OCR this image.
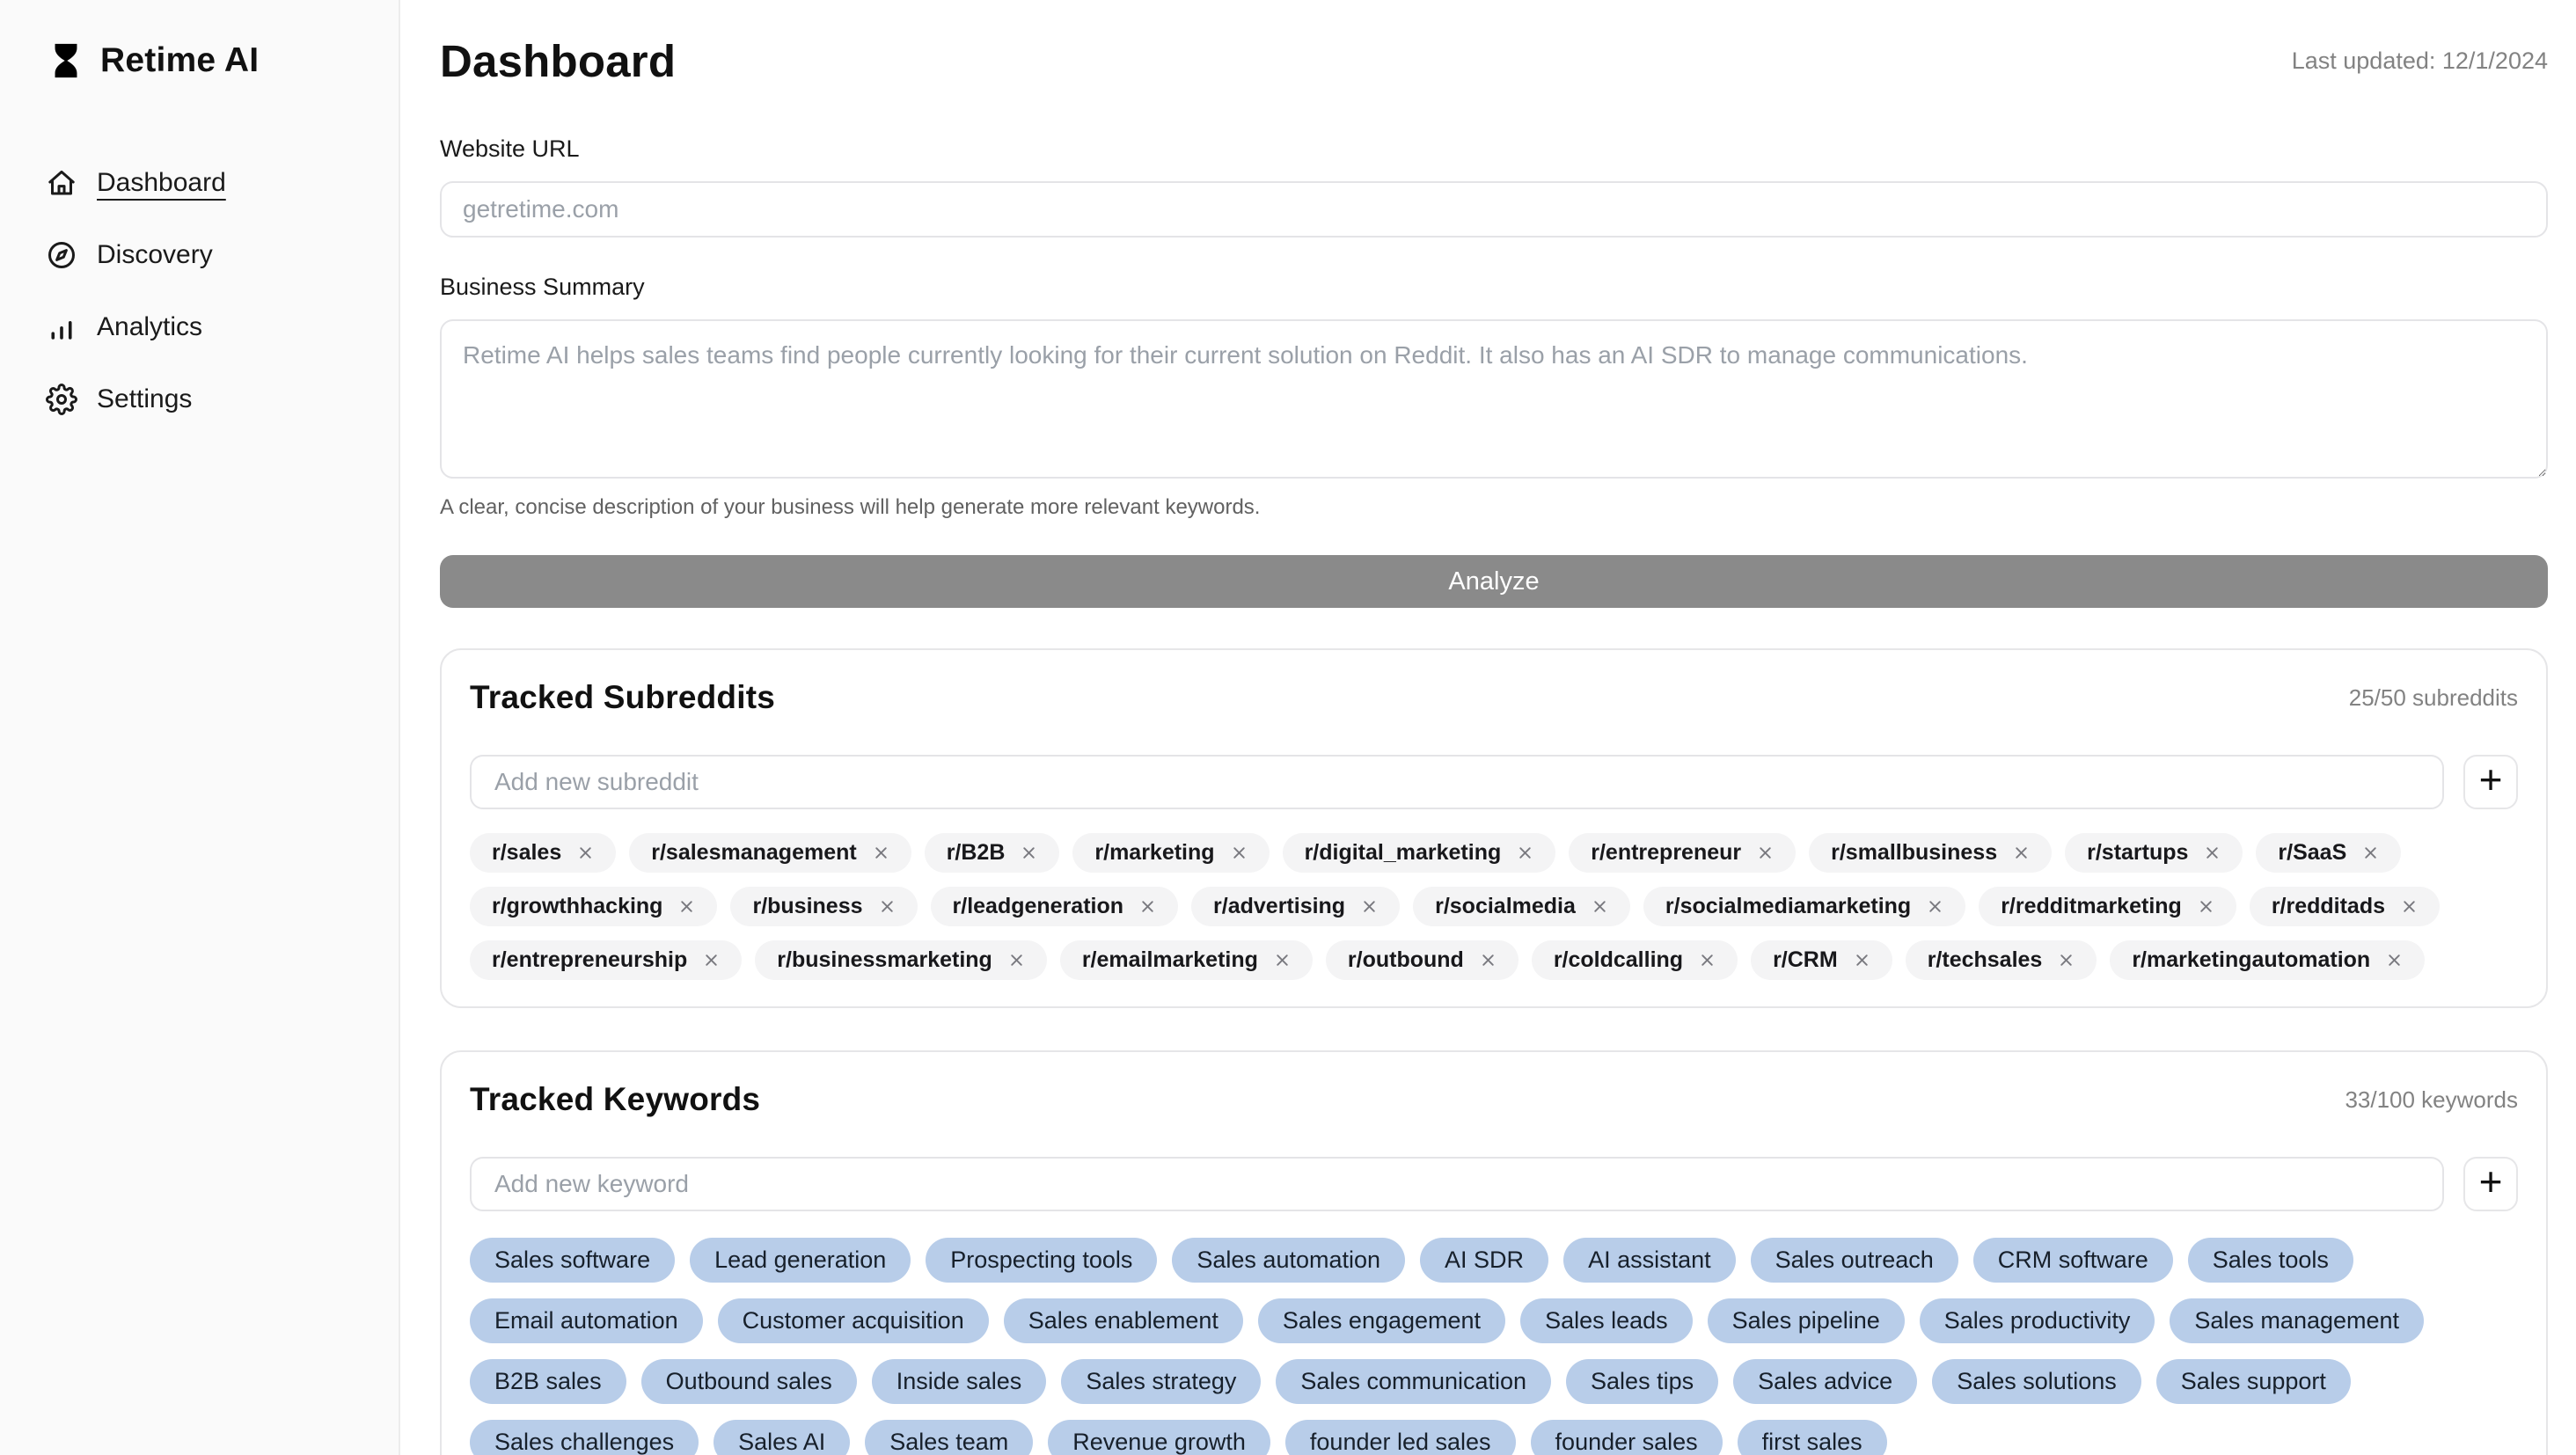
Retime AI
Dashboard
Discovery
Analytics
Settings
Dashboard	Last updated: 12/1/2024
Website URL
getretime.com
Business Summary
Retime AI helps sales teams find people currently looking for their current solution on Reddit. It also has an AI SDR to manage communications.
A clear, concise description of your business will help generate more relevant keywords.
Analyze
Tracked Subreddits	25/50 subreddits
Add new subreddit
+
r/sales	r/salesmanagement	r/B2B	r/marketing	r/digital_marketing	r/entrepreneur	r/smallbusiness	r/startups	r/SaaS
r/growthhacking	r/business	r/leadgeneration	r/advertising	r/socialmedia	r/socialmediamarketing	r/redditmarketing	r/redditads
r/entrepreneurship	r/businessmarketing	r/emailmarketing	r/outbound	r/coldcalling	r/CRM	r/techsales	r/marketingautomation
Tracked Keywords	33/100 keywords
Add new keyword
+
Sales software	Lead generation	Prospecting tools	Sales automation	AI SDR	AI assistant	Sales outreach	CRM software	Sales tools
Email automation	Customer acquisition	Sales enablement	Sales engagement	Sales leads	Sales pipeline	Sales productivity	Sales management
B2B sales	Outbound sales	Inside sales	Sales strategy	Sales communication	Sales tips	Sales advice	Sales solutions	Sales support
Sales challenges	Sales AI	Sales team	Revenue growth	founder led sales	founder sales	first sales
